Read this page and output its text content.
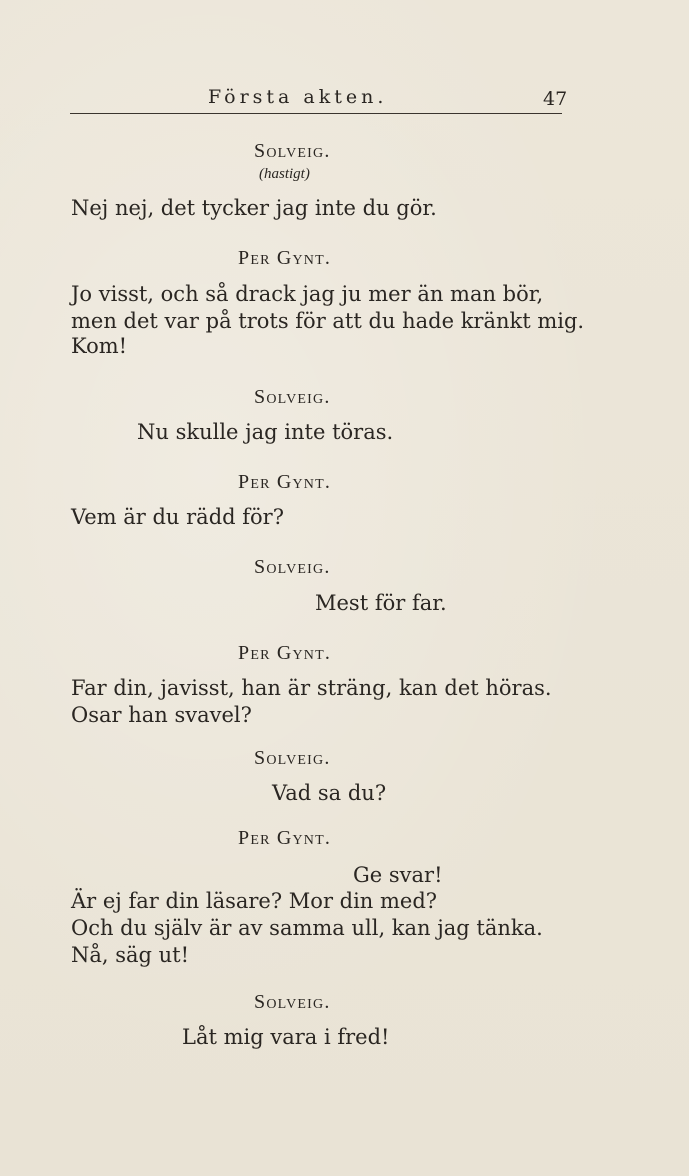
Första akten.	47
Solveig.
(hastigt)
Nej nej, det tycker jag inte du gör.
Per Gynt.
Jo visst, och så drack jag ju mer än man bör,
men det var på trots för att du hade kränkt mig.
Kom!
Solveig.
Nu skulle jag inte töras.
Per Gynt.
Vem är du rädd för?
Solveig.
Mest för far.
Per Gynt.
Far din, javisst, han är sträng, kan det höras.
Osar han svavel?
Solveig.
Vad sa du?
Per Gynt.
Ge svar!
Är ej far din läsare? Mor din med?
Och du själv är av samma ull, kan jag tänka.
Nå, säg ut!
Solveig.
Låt mig vara i fred!
